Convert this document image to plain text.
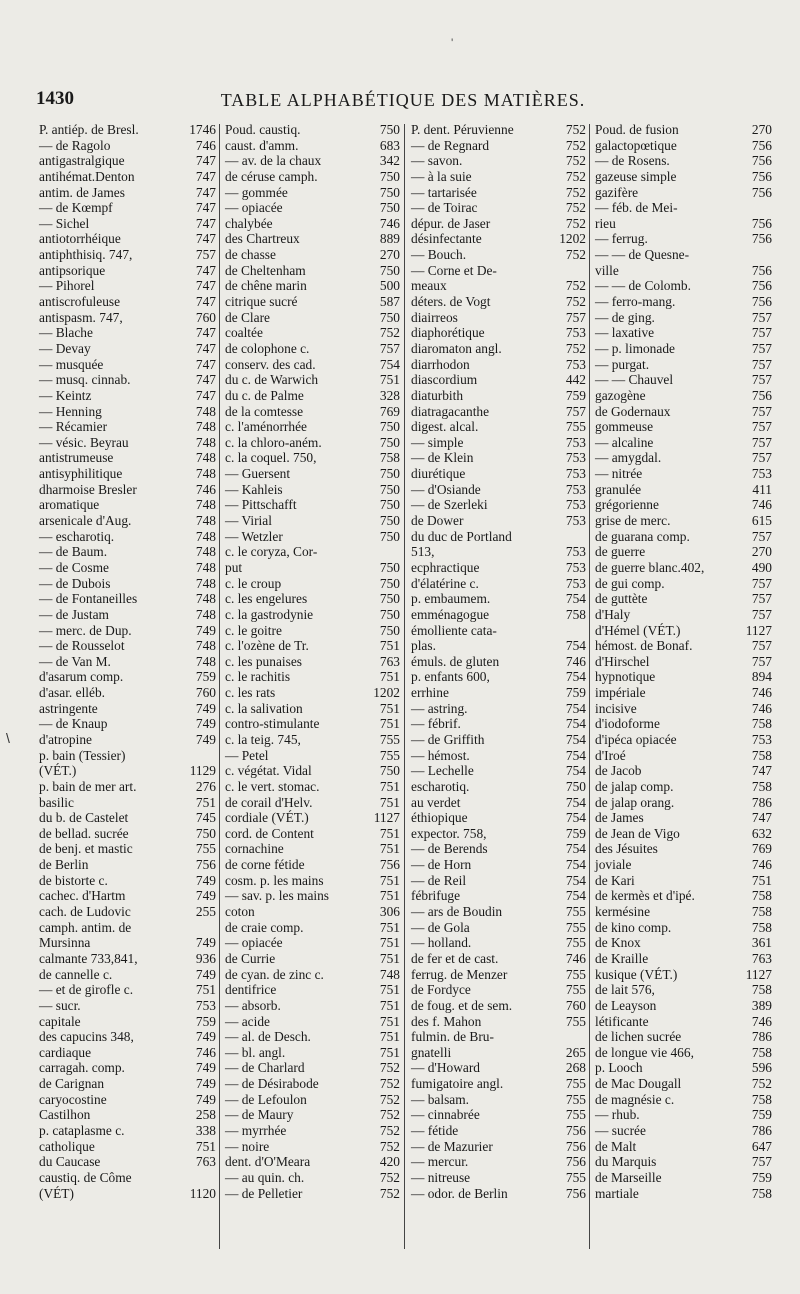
'
1430	TABLE ALPHABÉTIQUE DES MATIÈRES.
\
P. antiép. de Bresl.	1746
— de Ragolo	746
antigastralgique	747
antihémat.Denton	747
antim. de James	747
— de Kœmpf	747
— Sichel	747
antiotorrhéique	747
antiphthisiq. 747,	757
antipsorique	747
— Pihorel	747
antiscrofuleuse	747
antispasm. 747,	760
— Blache	747
— Devay	747
— musquée	747
— musq. cinnab.	747
— Keintz	747
— Henning	748
— Récamier	748
— vésic. Beyrau	748
antistrumeuse	748
antisyphilitique	748
dharmoise Bresler	746
aromatique	748
arsenicale d'Aug.	748
— escharotiq.	748
— de Baum.	748
— de Cosme	748
— de Dubois	748
— de Fontaneilles	748
— de Justam	748
— merc. de Dup.	749
— de Rousselot	748
— de Van M.	748
d'asarum comp.	759
d'asar. elléb.	760
astringente	749
— de Knaup	749
d'atropine	749
p. bain (Tessier)
(VÉT.)	1129
p. bain de mer art.	276
basilic	751
du b. de Castelet	745
de bellad. sucrée	750
de benj. et mastic	755
de Berlin	756
de bistorte c.	749
cachec. d'Hartm	749
cach. de Ludovic	255
camph. antim. de
Mursinna	749
calmante 733,841,	936
de cannelle c.	749
— et de girofle c.	751
— sucr.	753
capitale	759
des capucins 348,	749
cardiaque	746
carragah. comp.	749
de Carignan	749
caryocostine	749
Castilhon	258
p. cataplasme c.	338
catholique	751
du Caucase	763
caustiq. de Côme
(VÉT)	1120
Poud. caustiq.	750
caust. d'amm.	683
— av. de la chaux	342
de céruse camph.	750
— gommée	750
— opiacée	750
chalybée	746
des Chartreux	889
de chasse	270
de Cheltenham	750
de chêne marin	500
citrique sucré	587
de Clare	750
coaltée	752
de colophone c.	757
conserv. des cad.	754
du c. de Warwich	751
du c. de Palme	328
de la comtesse	769
c. l'aménorrhée	750
c. la chloro-aném.	750
c. la coquel. 750,	758
— Guersent	750
— Kahleis	750
— Pittschafft	750
— Virial	750
— Wetzler	750
c. le coryza, Cor-
put	750
c. le croup	750
c. les engelures	750
c. la gastrodynie	750
c. le goitre	750
c. l'ozène de Tr.	751
c. les punaises	763
c. le rachitis	751
c. les rats	1202
c. la salivation	751
contro-stimulante	751
c. la teig. 745,	755
— Petel	755
c. végétat. Vidal	750
c. le vert. stomac.	751
de corail d'Helv.	751
cordiale (VÉT.)	1127
cord. de Content	751
cornachine	751
de corne fétide	756
cosm. p. les mains	751
— sav. p. les mains	751
coton	306
de craie comp.	751
— opiacée	751
de Currie	751
de cyan. de zinc c.	748
dentifrice	751
— absorb.	751
— acide	751
— al. de Desch.	751
— bl. angl.	751
— de Charlard	752
— de Désirabode	752
— de Lefoulon	752
— de Maury	752
— myrrhée	752
— noire	752
dent. d'O'Meara	420
— au quin. ch.	752
— de Pelletier	752
P. dent. Péruvienne	752
— de Regnard	752
— savon.	752
— à la suie	752
— tartarisée	752
— de Toirac	752
dépur. de Jaser	752
désinfectante	1202
— Bouch.	752
— Corne et De-
meaux	752
déters. de Vogt	752
diairreos	757
diaphorétique	753
diaromaton angl.	752
diarrhodon	753
diascordium	442
diaturbith	759
diatragacanthe	757
digest. alcal.	755
— simple	753
— de Klein	753
diurétique	753
— d'Osiande	753
— de Szerleki	753
de Dower	753
du duc de Portland
513,	753
ecphractique	753
d'élatérine c.	753
p. embaumem.	754
emménagogue	758
émolliente cata-
plas.	754
émuls. de gluten	746
p. enfants 600,	754
errhine	759
— astring.	754
— fébrif.	754
— de Griffith	754
— hémost.	754
— Lechelle	754
escharotiq.	750
au verdet	754
éthiopique	754
expector. 758,	759
— de Berends	754
— de Horn	754
— de Reil	754
fébrifuge	754
— ars de Boudin	755
— de Gola	755
— holland.	755
de fer et de cast.	746
ferrug. de Menzer	755
de Fordyce	755
de foug. et de sem.	760
des f. Mahon	755
fulmin. de Bru-
gnatelli	265
— d'Howard	268
fumigatoire angl.	755
— balsam.	755
— cinnabrée	755
— fétide	756
— de Mazurier	756
— mercur.	756
— nitreuse	755
— odor. de Berlin	756
Poud. de fusion	270
galactopœtique	756
— de Rosens.	756
gazeuse simple	756
gazifère	756
— féb. de Mei-
rieu	756
— ferrug.	756
— — de Quesne-
ville	756
— — de Colomb.	756
— ferro-mang.	756
— de ging.	757
— laxative	757
— p. limonade	757
— purgat.	757
— — Chauvel	757
gazogène	756
de Godernaux	757
gommeuse	757
— alcaline	757
— amygdal.	757
— nitrée	753
granulée	411
grégorienne	746
grise de merc.	615
de guarana comp.	757
de guerre	270
de guerre blanc.402,	490
de gui comp.	757
de guttète	757
d'Haly	757
d'Hémel (VÉT.)	1127
hémost. de Bonaf.	757
d'Hirschel	757
hypnotique	894
impériale	746
incisive	746
d'iodoforme	758
d'ipéca opiacée	753
d'Iroé	758
de Jacob	747
de jalap comp.	758
de jalap orang.	786
de James	747
de Jean de Vigo	632
des Jésuites	769
joviale	746
de Kari	751
de kermès et d'ipé.	758
kermésine	758
de kino comp.	758
de Knox	361
de Kraille	763
kusique (VÉT.)	1127
de lait 576,	758
de Leayson	389
létificante	746
de lichen sucrée	786
de longue vie 466,	758
p. Looch	596
de Mac Dougall	752
de magnésie c.	758
— rhub.	759
— sucrée	786
de Malt	647
du Marquis	757
de Marseille	759
martiale	758
